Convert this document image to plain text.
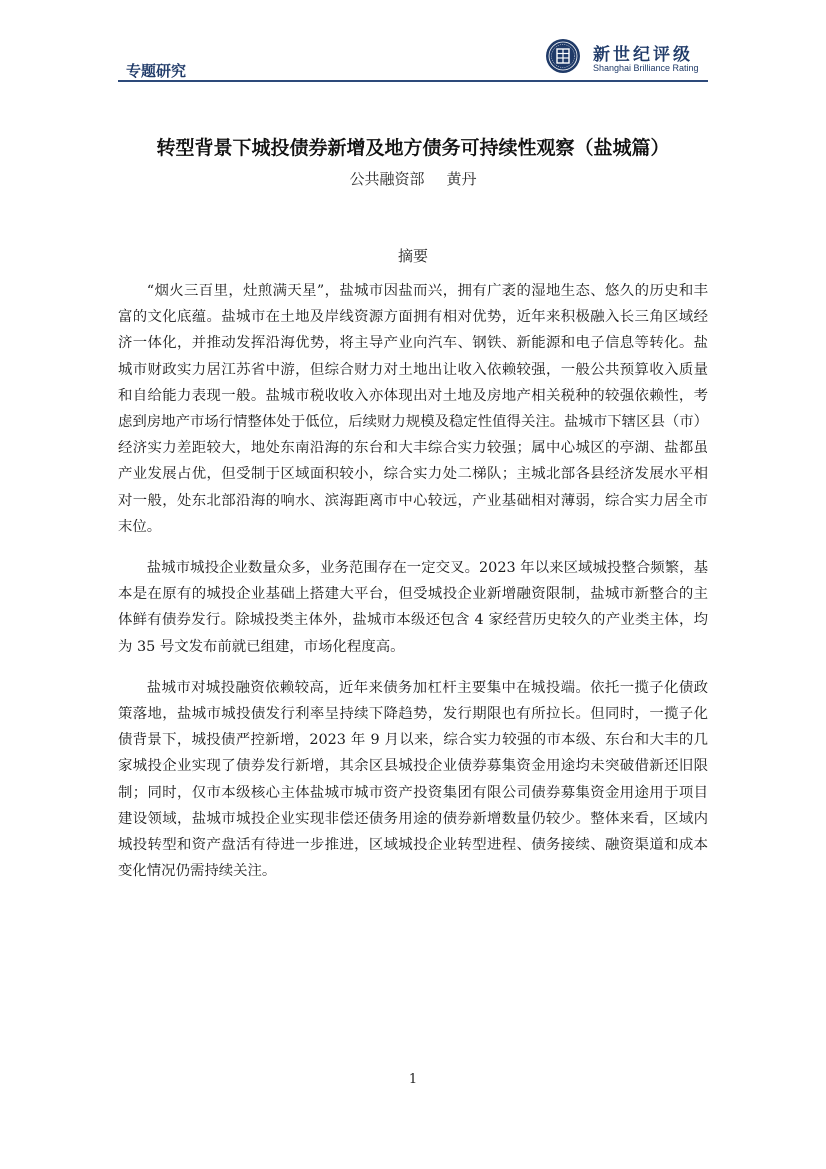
专题研究
新世纪评级
Shanghai Brilliance Rating
转型背景下城投债券新增及地方债务可持续性观察（盐城篇）
公共融资部 黄丹
摘要

“烟火三百里，灶煎满天星”，盐城市因盐而兴，拥有广袤的湿地生态、悠久的历史和丰富的文化底蕴。盐城市在土地及岸线资源方面拥有相对优势，近年来积极融入长三角区域经济一体化，并推动发挥沿海优势，将主导产业向汽车、钢铁、新能源和电子信息等转化。盐城市财政实力居江苏省中游，但综合财力对土地出让收入依赖较强，一般公共预算收入质量和自给能力表现一般。盐城市税收收入亦体现出对土地及房地产相关税种的较强依赖性，考虑到房地产市场行情整体处于低位，后续财力规模及稳定性值得关注。盐城市下辖区县（市）经济实力差距较大，地处东南沿海的东台和大丰综合实力较强；属中心城区的亭湖、盐都虽产业发展占优，但受制于区域面积较小，综合实力处二梯队；主城北部各县经济发展水平相对一般，处东北部沿海的响水、滨海距离市中心较远，产业基础相对薄弱，综合实力居全市末位。

盐城市城投企业数量众多，业务范围存在一定交叉。2023 年以来区域城投整合频繁，基本是在原有的城投企业基础上搭建大平台，但受城投企业新增融资限制，盐城市新整合的主体鲜有债券发行。除城投类主体外，盐城市本级还包含 4 家经营历史较久的产业类主体，均为 35 号文发布前就已组建，市场化程度高。

盐城市对城投融资依赖较高，近年来债务加杠杆主要集中在城投端。依托一揽子化债政策落地，盐城市城投债发行利率呈持续下降趋势，发行期限也有所拉长。但同时，一揽子化债背景下，城投债严控新增，2023 年 9 月以来，综合实力较强的市本级、东台和大丰的几家城投企业实现了债券发行新增，其余区县城投企业债券募集资金用途均未突破借新还旧限制；同时，仅市本级核心主体盐城市城市资产投资集团有限公司债券募集资金用途用于项目建设领域，盐城市城投企业实现非偿还债务用途的债券新增数量仍较少。整体来看，区域内城投转型和资产盘活有待进一步推进，区域城投企业转型进程、债务接续、融资渠道和成本变化情况仍需持续关注。

1
